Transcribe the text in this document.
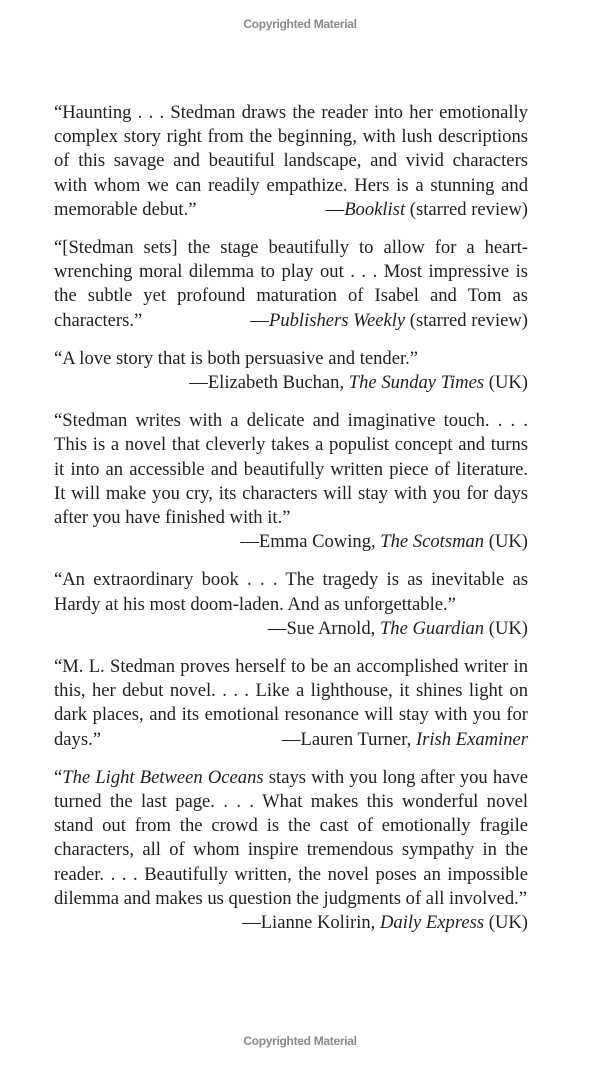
Copyrighted Material

“Haunting . . . Stedman draws the reader into her emotionally complex story right from the beginning, with lush descriptions of this savage and beautiful landscape, and vivid characters with whom we can readily empathize. Hers is a stunning and memorable debut.”	—Booklist (starred review)

“[Stedman sets] the stage beautifully to allow for a heart-wrenching moral dilemma to play out . . . Most impressive is the subtle yet profound maturation of Isabel and Tom as characters.”	—Publishers Weekly (starred review)

“A love story that is both persuasive and tender.”
—Elizabeth Buchan, The Sunday Times (UK)

“Stedman writes with a delicate and imaginative touch. . . . This is a novel that cleverly takes a populist concept and turns it into an accessible and beautifully written piece of literature. It will make you cry, its characters will stay with you for days after you have finished with it.”
—Emma Cowing, The Scotsman (UK)

“An extraordinary book . . . The tragedy is as inevitable as Hardy at his most doom-laden. And as unforgettable.”
—Sue Arnold, The Guardian (UK)

“M. L. Stedman proves herself to be an accomplished writer in this, her debut novel. . . . Like a lighthouse, it shines light on dark places, and its emotional resonance will stay with you for days.”	—Lauren Turner, Irish Examiner

“The Light Between Oceans stays with you long after you have turned the last page. . . . What makes this wonderful novel stand out from the crowd is the cast of emotionally fragile characters, all of whom inspire tremendous sympathy in the reader. . . . Beautifully written, the novel poses an impossible dilemma and makes us question the judgments of all involved.”
—Lianne Kolirin, Daily Express (UK)

Copyrighted Material
